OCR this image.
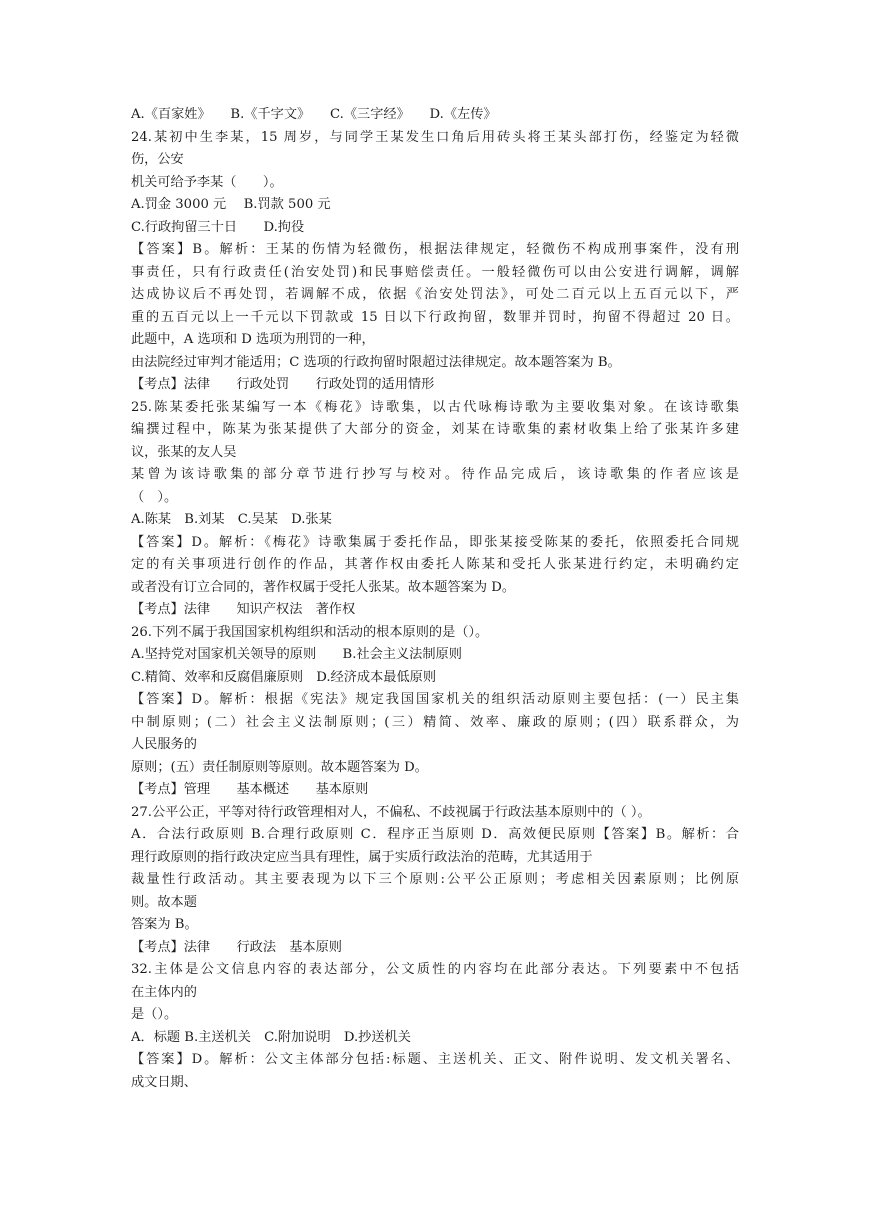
A.《百家姓》　　B.《千字文》　　C.《三字经》　　D.《左传》
24.某初中生李某，15 周岁，与同学王某发生口角后用砖头将王某头部打伤，经鉴定为轻微
伤，公安
机关可给予李某（　　）。
A.罚金 3000 元　 B.罚款 500 元
C.行政拘留三十日　　D.拘役
【答案】B。解析：王某的伤情为轻微伤，根据法律规定，轻微伤不构成刑事案件，没有刑
事责任，只有行政责任(治安处罚)和民事赔偿责任。一般轻微伤可以由公安进行调解，调解
达成协议后不再处罚，若调解不成，依据《治安处罚法》，可处二百元以上五百元以下，严
重的五百元以上一千元以下罚款或 15 日以下行政拘留，数罪并罚时，拘留不得超过 20 日。
此题中，A 选项和 D 选项为刑罚的一种，
由法院经过审判才能适用；C 选项的行政拘留时限超过法律规定。故本题答案为 B。
【考点】法律　　行政处罚　　行政处罚的适用情形
25.陈某委托张某编写一本《梅花》诗歌集，以古代咏梅诗歌为主要收集对象。在该诗歌集
编撰过程中，陈某为张某提供了大部分的资金，刘某在诗歌集的素材收集上给了张某许多建
议，张某的友人吴
某曾为该诗歌集的部分章节进行抄写与校对。待作品完成后，该诗歌集的作者应该是
（　）。
A.陈某　B.刘某　C.吴某　D.张某
【答案】D。解析：《梅花》诗歌集属于委托作品，即张某接受陈某的委托，依照委托合同规
定的有关事项进行创作的作品，其著作权由委托人陈某和受托人张某进行约定，未明确约定
或者没有订立合同的，著作权属于受托人张某。故本题答案为 D。
【考点】法律　　知识产权法　著作权
26.下列不属于我国国家机构组织和活动的根本原则的是（）。
A.坚持党对国家机关领导的原则　　B.社会主义法制原则
C.精简、效率和反腐倡廉原则　D.经济成本最低原则
【答案】D。解析：根据《宪法》规定我国国家机关的组织活动原则主要包括：(一）民主集
中制原则；(二）社会主义法制原则；(三）精简、效率、廉政的原则；(四）联系群众，为
人民服务的
原则；(五）责任制原则等原则。故本题答案为 D。
【考点】管理　　基本概述　　基本原则
27.公平公正，平等对待行政管理相对人，不偏私、不歧视属于行政法基本原则中的（ ）。
A．合法行政原则 B.合理行政原则 C．程序正当原则 D．高效便民原则【答案】B。解析：合
理行政原则的指行政决定应当具有理性，属于实质行政法治的范畴，尤其适用于
裁量性行政活动。其主要表现为以下三个原则:公平公正原则；考虑相关因素原则；比例原
则。故本题
答案为 B。
【考点】法律　　行政法　基本原则
32.主体是公文信息内容的表达部分，公文质性的内容均在此部分表达。下列要素中不包括
在主体内的
是（）。
A．标题 B.主送机关　C.附加说明　D.抄送机关
【答案】D。解析：公文主体部分包括:标题、主送机关、正文、附件说明、发文机关署名、
成文日期、
